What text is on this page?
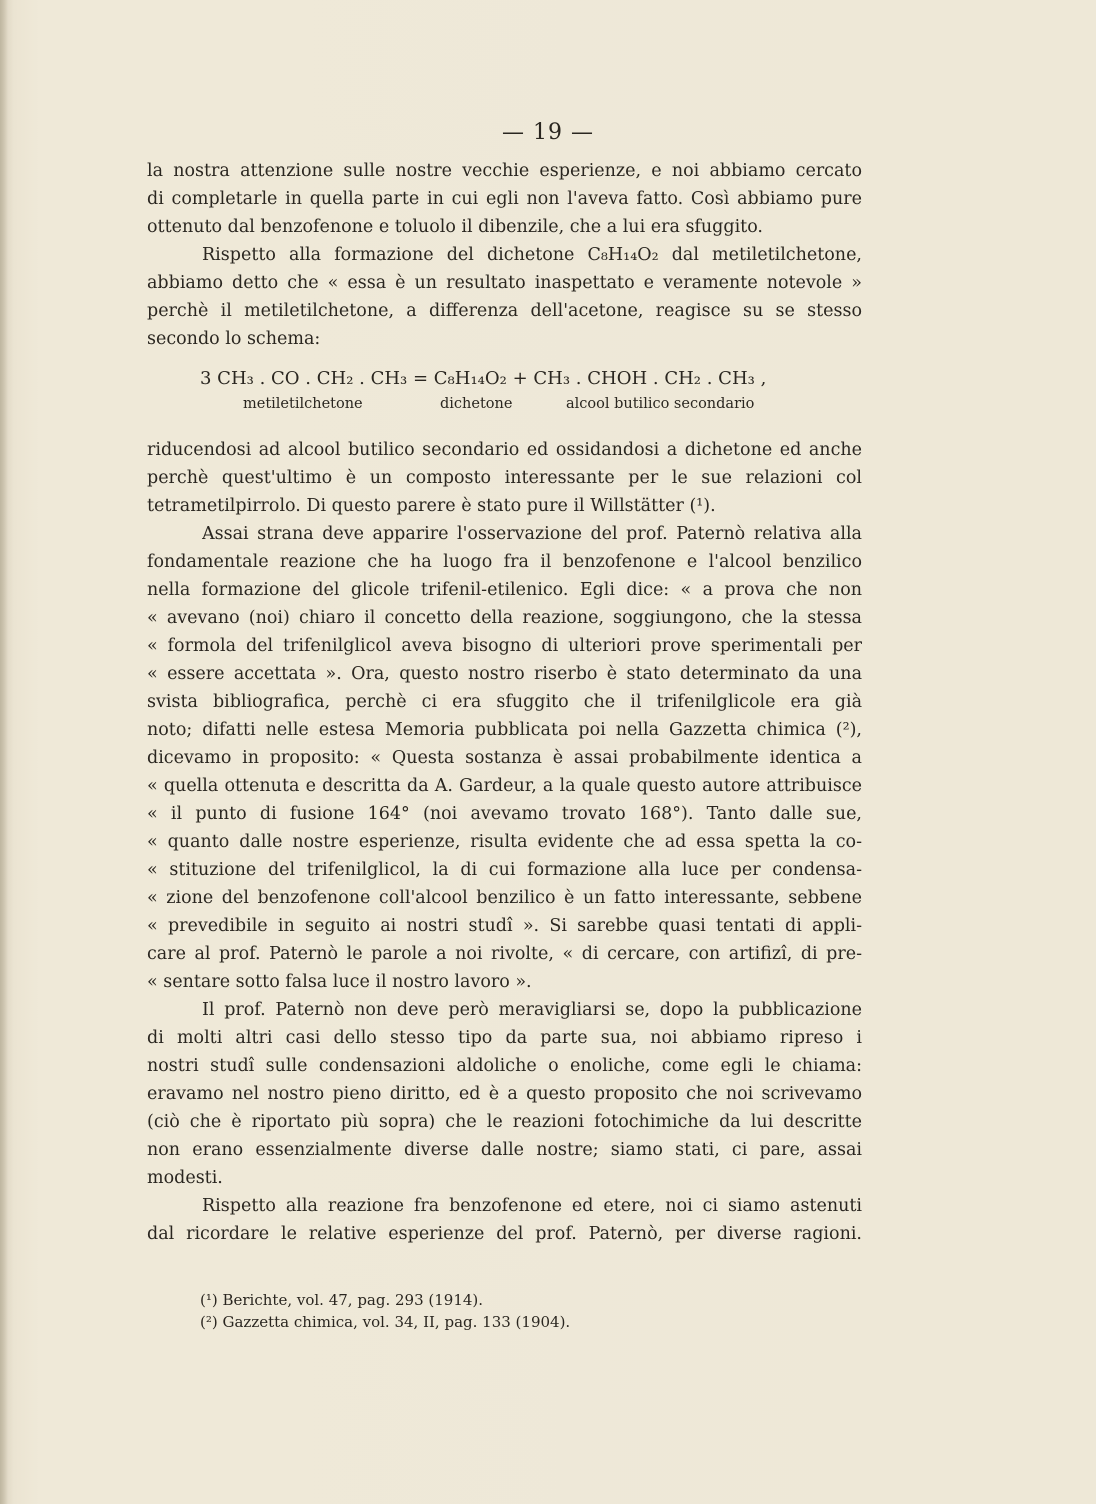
— 19 —
la nostra attenzione sulle nostre vecchie esperienze, e noi abbiamo cercato
di completarle in quella parte in cui egli non l'aveva fatto. Così abbiamo pure
ottenuto dal benzofenone e toluolo il dibenzile, che a lui era sfuggito.
Rispetto alla formazione del dichetone C₈H₁₄O₂ dal metiletilchetone,
abbiamo detto che « essa è un resultato inaspettato e veramente notevole »
perchè il metiletilchetone, a differenza dell'acetone, reagisce su se stesso
secondo lo schema:
3 CH₃ . CO . CH₂ . CH₃ = C₈H₁₄O₂ + CH₃ . CHOH . CH₂ . CH₃ ,
metiletilchetone	dichetone	alcool butilico secondario
riducendosi ad alcool butilico secondario ed ossidandosi a dichetone ed anche
perchè quest'ultimo è un composto interessante per le sue relazioni col
tetrametilpirrolo. Di questo parere è stato pure il Willstätter (¹).
Assai strana deve apparire l'osservazione del prof. Paternò relativa alla
fondamentale reazione che ha luogo fra il benzofenone e l'alcool benzilico
nella formazione del glicole trifenil-etilenico. Egli dice: « a prova che non
« avevano (noi) chiaro il concetto della reazione, soggiungono, che la stessa
« formola del trifenilglicol aveva bisogno di ulteriori prove sperimentali per
« essere accettata ». Ora, questo nostro riserbo è stato determinato da una
svista bibliografica, perchè ci era sfuggito che il trifenilglicole era già
noto; difatti nelle estesa Memoria pubblicata poi nella Gazzetta chimica (²),
dicevamo in proposito: « Questa sostanza è assai probabilmente identica a
« quella ottenuta e descritta da A. Gardeur, a la quale questo autore attribuisce
« il punto di fusione 164° (noi avevamo trovato 168°). Tanto dalle sue,
« quanto dalle nostre esperienze, risulta evidente che ad essa spetta la co-
« stituzione del trifenilglicol, la di cui formazione alla luce per condensa-
« zione del benzofenone coll'alcool benzilico è un fatto interessante, sebbene
« prevedibile in seguito ai nostri studî ». Si sarebbe quasi tentati di appli-
care al prof. Paternò le parole a noi rivolte, « di cercare, con artifizî, di pre-
« sentare sotto falsa luce il nostro lavoro ».
Il prof. Paternò non deve però meravigliarsi se, dopo la pubblicazione
di molti altri casi dello stesso tipo da parte sua, noi abbiamo ripreso i
nostri studî sulle condensazioni aldoliche o enoliche, come egli le chiama:
eravamo nel nostro pieno diritto, ed è a questo proposito che noi scrivevamo
(ciò che è riportato più sopra) che le reazioni fotochimiche da lui descritte
non erano essenzialmente diverse dalle nostre; siamo stati, ci pare, assai
modesti.
Rispetto alla reazione fra benzofenone ed etere, noi ci siamo astenuti
dal ricordare le relative esperienze del prof. Paternò, per diverse ragioni.
(¹) Berichte, vol. 47, pag. 293 (1914).
(²) Gazzetta chimica, vol. 34, II, pag. 133 (1904).
